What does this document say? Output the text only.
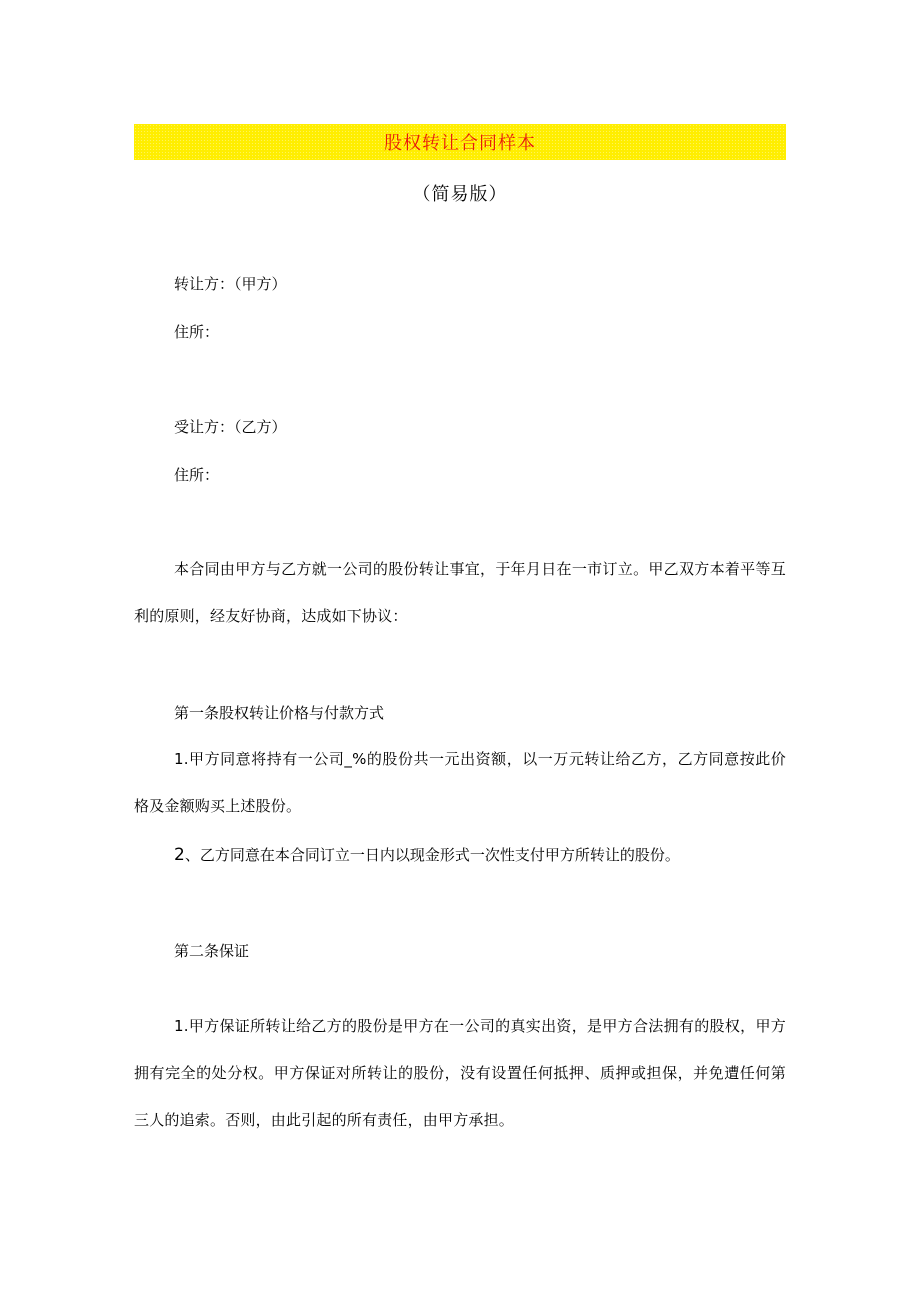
股权转让合同样本
（简易版）
转让方：（甲方）
住所：
受让方：（乙方）
住所：
本合同由甲方与乙方就一公司的股份转让事宜，于年月日在一市订立。甲乙双方本着平等互利的原则，经友好协商，达成如下协议：
第一条股权转让价格与付款方式
1.甲方同意将持有一公司_%的股份共一元出资额，以一万元转让给乙方，乙方同意按此价格及金额购买上述股份。
2、乙方同意在本合同订立一日内以现金形式一次性支付甲方所转让的股份。
第二条保证
1.甲方保证所转让给乙方的股份是甲方在一公司的真实出资，是甲方合法拥有的股权，甲方拥有完全的处分权。甲方保证对所转让的股份，没有设置任何抵押、质押或担保，并免遭任何第三人的追索。否则，由此引起的所有责任，由甲方承担。
